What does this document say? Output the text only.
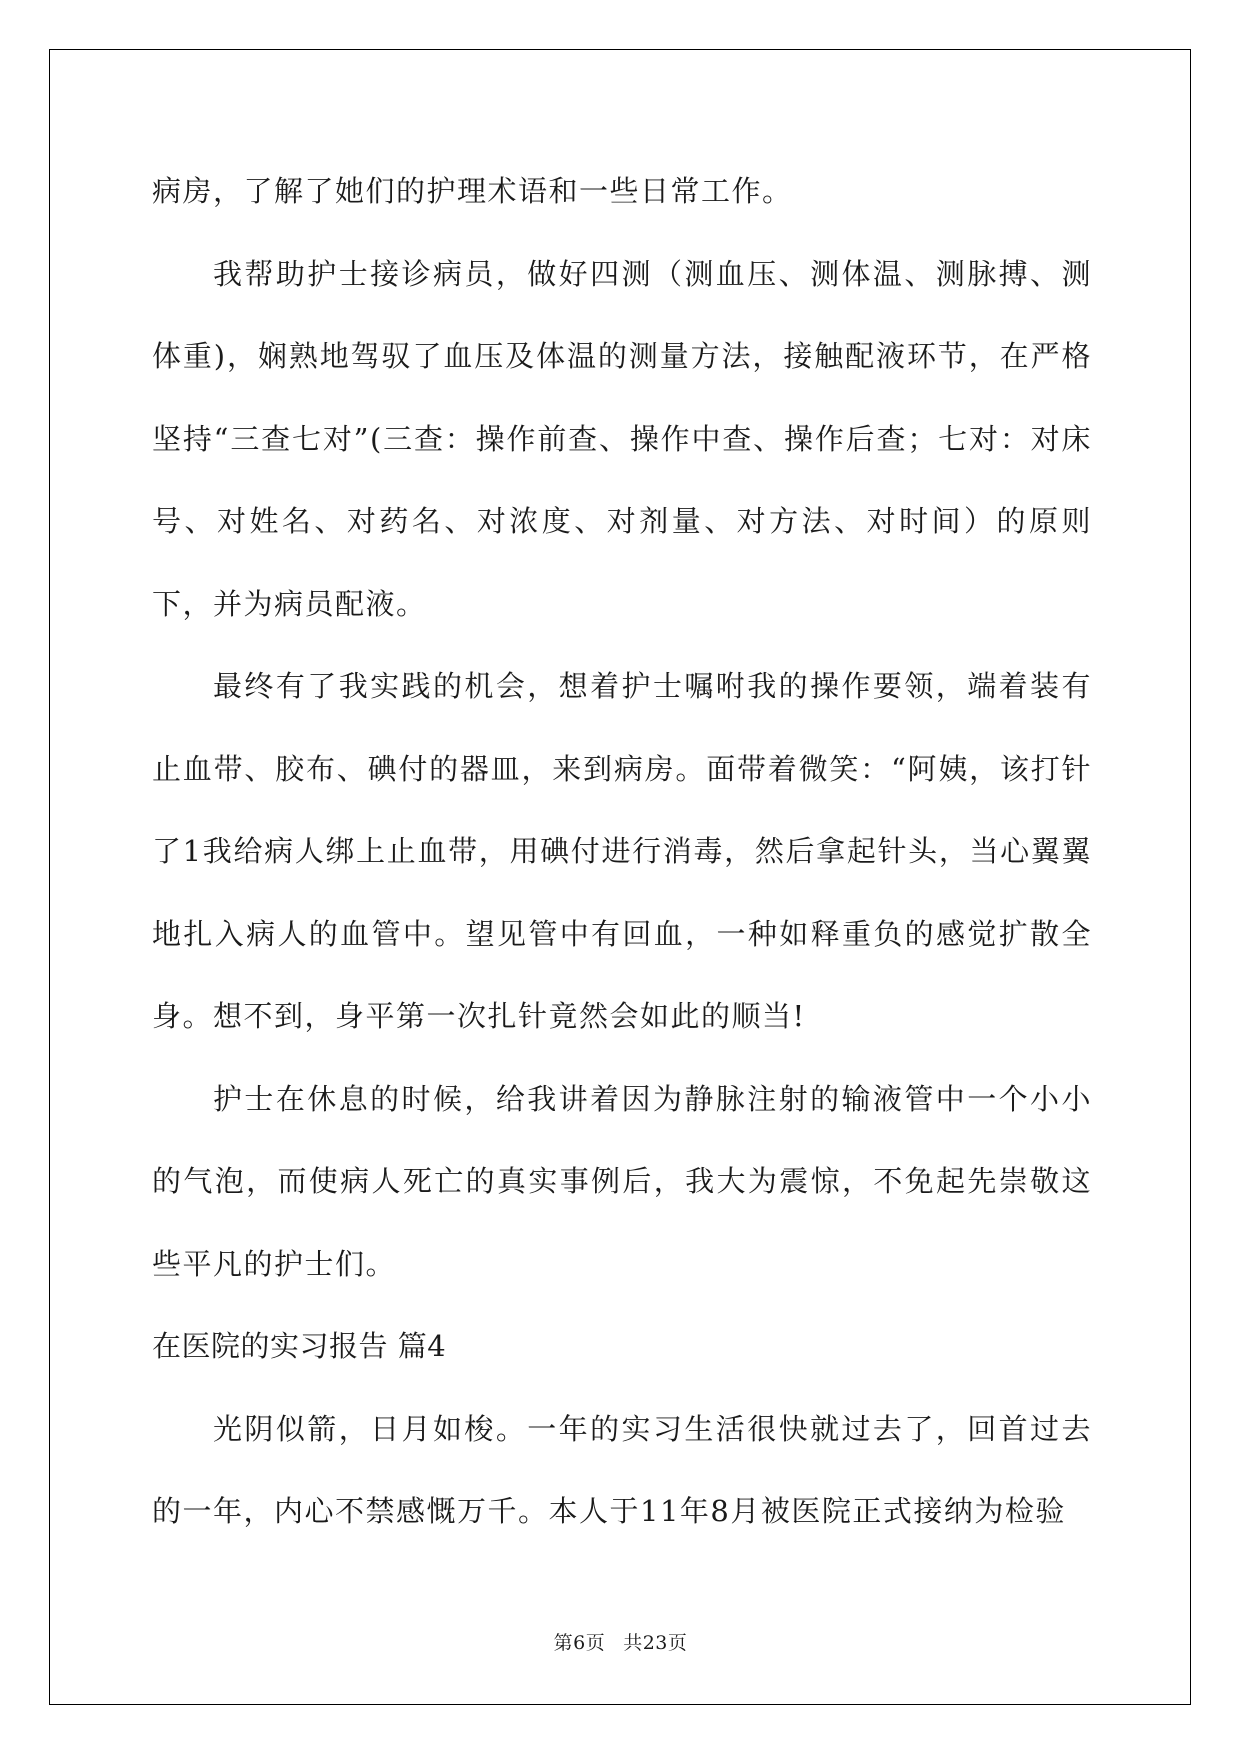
病房，了解了她们的护理术语和一些日常工作。

我帮助护士接诊病员，做好四测（测血压、测体温、测脉搏、测体重)，娴熟地驾驭了血压及体温的测量方法，接触配液环节，在严格坚持“三查七对”(三查：操作前查、操作中查、操作后查；七对：对床号、对姓名、对药名、对浓度、对剂量、对方法、对时间）的原则下，并为病员配液。

最终有了我实践的机会，想着护士嘱咐我的操作要领，端着装有止血带、胶布、碘付的器皿，来到病房。面带着微笑：“阿姨，该打针了1我给病人绑上止血带，用碘付进行消毒，然后拿起针头，当心翼翼地扎入病人的血管中。望见管中有回血，一种如释重负的感觉扩散全身。想不到，身平第一次扎针竟然会如此的顺当!

护士在休息的时候，给我讲着因为静脉注射的输液管中一个小小的气泡，而使病人死亡的真实事例后，我大为震惊，不免起先崇敬这些平凡的护士们。

在医院的实习报告 篇4

光阴似箭，日月如梭。一年的实习生活很快就过去了，回首过去的一年，内心不禁感慨万千。本人于11年8月被医院正式接纳为检验

第6页 共23页
